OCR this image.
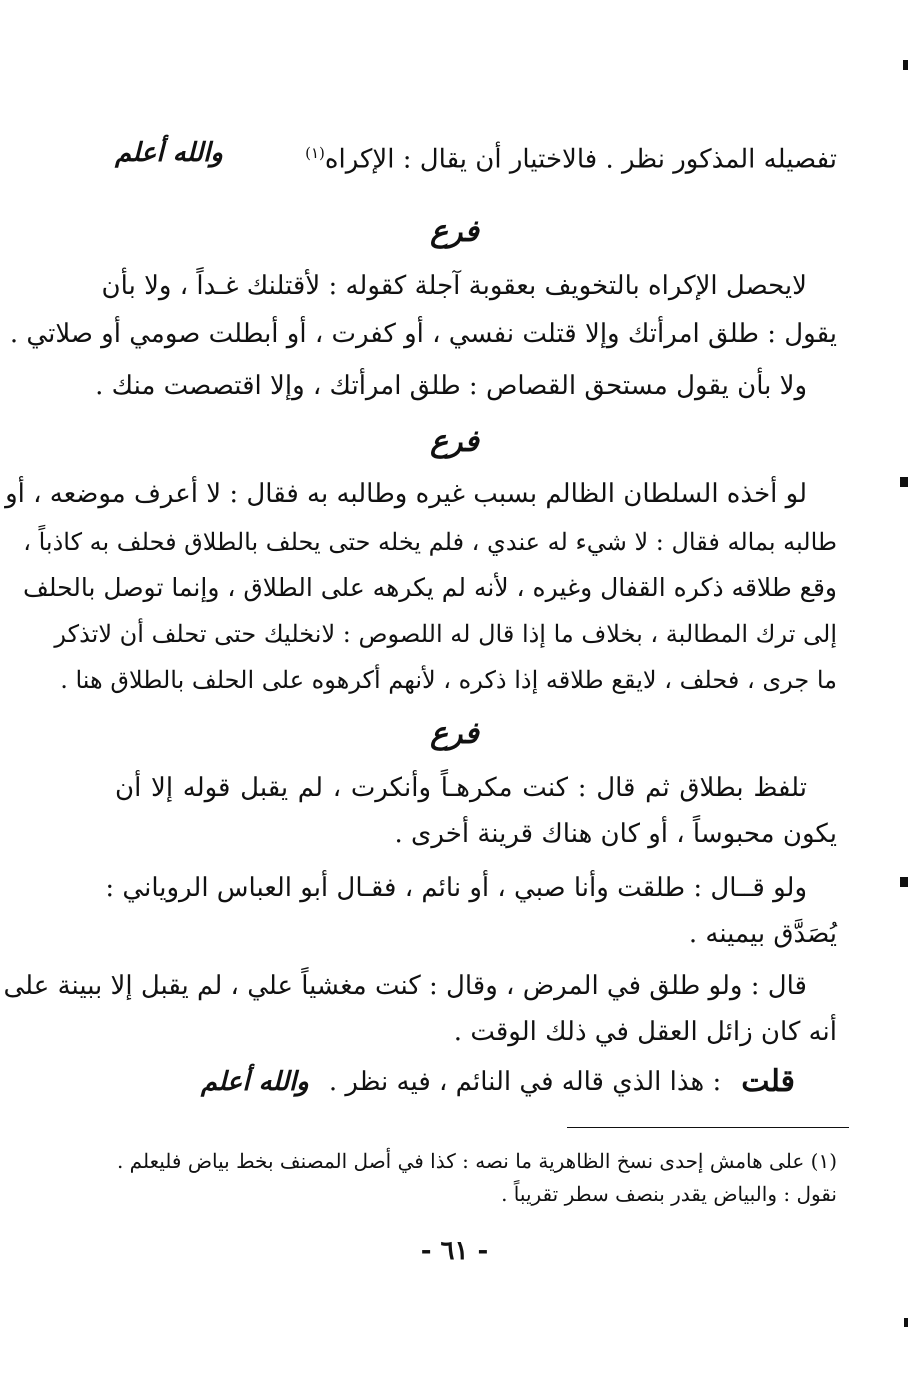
تفصيله المذكور نظر . فالاختيار أن يقال : الإكراه$^{(١)}$
والله أعلم
فرع
لايحصل الإكراه بالتخويف بعقوبة آجلة كقوله : لأقتلنك غـداً ، ولا بأن
يقول : طلق امرأتك وإلا قتلت نفسي ، أو كفرت ، أو أبطلت صومي أو صلاتي .
ولا بأن يقول مستحق القصاص : طلق امرأتك ، وإلا اقتصصت منك .
فرع
لو أخذه السلطان الظالم بسبب غيره وطالبه به فقال : لا أعرف موضعه ، أو
طالبه بماله فقال : لا شيء له عندي ، فلم يخله حتى يحلف بالطلاق فحلف به كاذباً ،
وقع طلاقه ذكره القفال وغيره ، لأنه لم يكرهه على الطلاق ، وإنما توصل بالحلف
إلى ترك المطالبة ، بخلاف ما إذا قال له اللصوص : لانخليك حتى تحلف أن لاتذكر
ما جرى ، فحلف ، لايقع طلاقه إذا ذكره ، لأنهم أكرهوه على الحلف بالطلاق هنا .
فرع
تلفظ بطلاق ثم قال : كنت مكرهـاً وأنكرت ، لم يقبل قوله إلا أن
يكون محبوساً ، أو كان هناك قرينة أخرى .
ولو قــال : طلقت وأنا صبي ، أو نائم ، فقـال أبو العباس الروياني :
يُصَدَّق بيمينه .
قال : ولو طلق في المرض ، وقال : كنت مغشياً علي ، لم يقبل إلا ببينة على
أنه كان زائل العقل في ذلك الوقت .
قلت
: هذا الذي قاله في النائم ، فيه نظر .
والله أعلم
(١) على هامش إحدى نسخ الظاهرية ما نصه : كذا في أصل المصنف بخط بياض فليعلم .
نقول : والبياض يقدر بنصف سطر تقريباً .
- ٦١ -
